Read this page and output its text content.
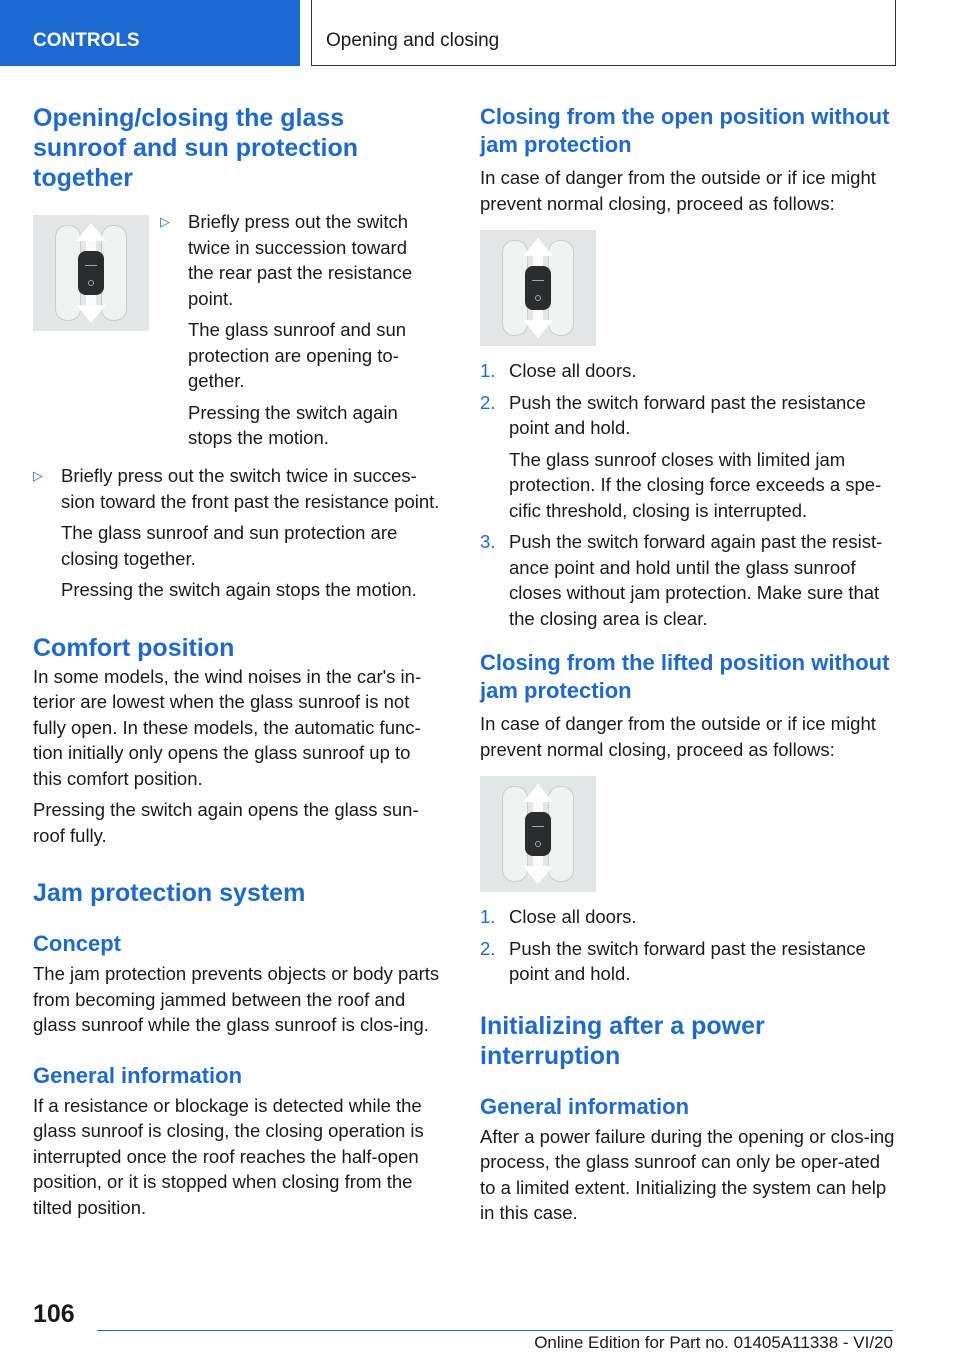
CONTROLS	Opening and closing
Opening/closing the glass sunroof and sun protection together
▷ Briefly press out the switch twice in succession toward the rear past the resistance point.

The glass sunroof and sun protection are opening to-gether.

Pressing the switch again stops the motion.

▷ Briefly press out the switch twice in succes-sion toward the front past the resistance point.

The glass sunroof and sun protection are closing together.

Pressing the switch again stops the motion.

Comfort position

In some models, the wind noises in the car's in-terior are lowest when the glass sunroof is not fully open. In these models, the automatic func-tion initially only opens the glass sunroof up to this comfort position.

Pressing the switch again opens the glass sun-roof fully.

Jam protection system
Concept

The jam protection prevents objects or body parts from becoming jammed between the roof and glass sunroof while the glass sunroof is clos-ing.

General information

If a resistance or blockage is detected while the glass sunroof is closing, the closing operation is interrupted once the roof reaches the half-open position, or it is stopped when closing from the tilted position.

Closing from the open position without jam protection

In case of danger from the outside or if ice might prevent normal closing, proceed as follows:

1. Close all doors.

2. Push the switch forward past the resistance point and hold.

The glass sunroof closes with limited jam protection. If the closing force exceeds a spe-cific threshold, closing is interrupted.

3. Push the switch forward again past the resist-ance point and hold until the glass sunroof closes without jam protection. Make sure that the closing area is clear.

Closing from the lifted position without jam protection

In case of danger from the outside or if ice might prevent normal closing, proceed as follows:

1. Close all doors.

2. Push the switch forward past the resistance point and hold.

Initializing after a power interruption
General information

After a power failure during the opening or clos-ing process, the glass sunroof can only be oper-ated to a limited extent. Initializing the system can help in this case.

106
Online Edition for Part no. 01405A11338 - VI/20
